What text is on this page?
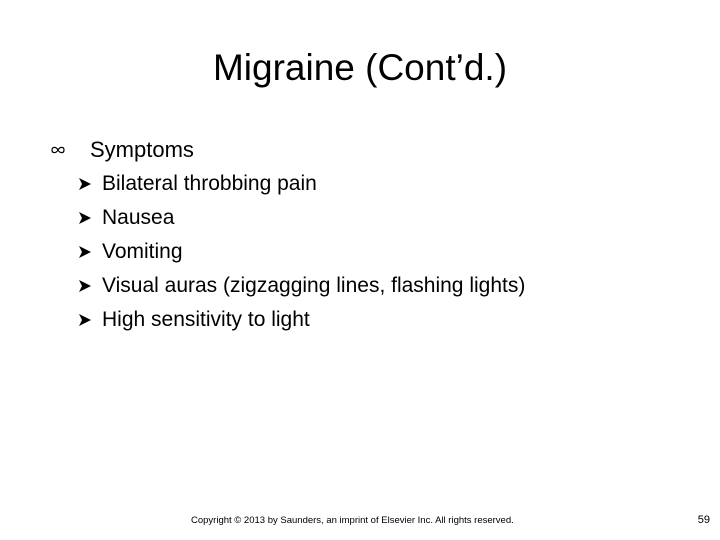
Migraine (Cont’d.)
Symptoms
Bilateral throbbing pain
Nausea
Vomiting
Visual auras (zigzagging lines, flashing lights)
High sensitivity to light
Copyright © 2013 by Saunders, an imprint of Elsevier Inc. All rights reserved.	59
